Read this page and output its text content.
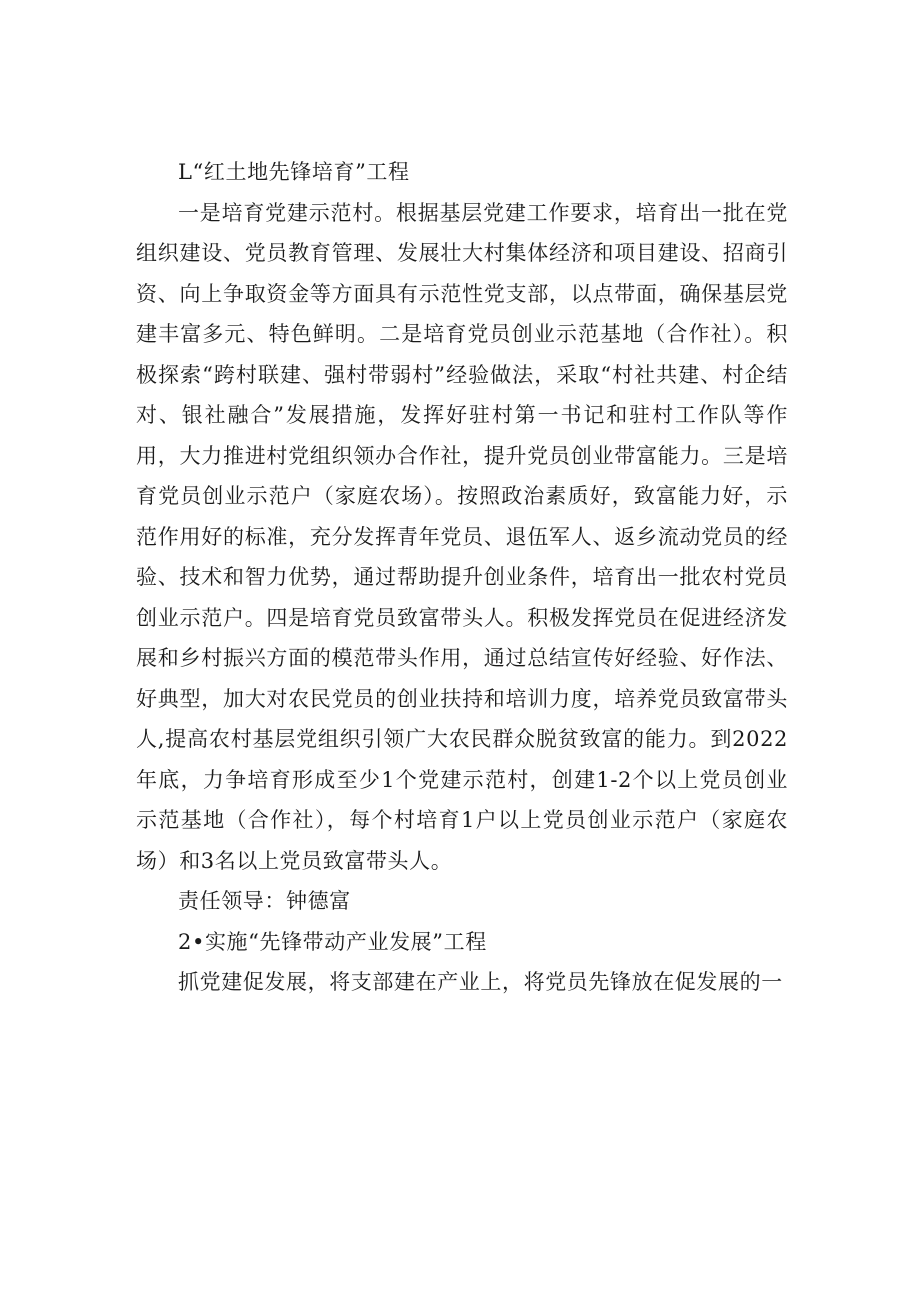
L“红土地先锋培育”工程

一是培育党建示范村。根据基层党建工作要求，培育出一批在党组织建设、党员教育管理、发展壮大村集体经济和项目建设、招商引资、向上争取资金等方面具有示范性党支部，以点带面，确保基层党建丰富多元、特色鲜明。二是培育党员创业示范基地（合作社）。积极探索“跨村联建、强村带弱村”经验做法，采取“村社共建、村企结对、银社融合”发展措施，发挥好驻村第一书记和驻村工作队等作用，大力推进村党组织领办合作社，提升党员创业带富能力。三是培育党员创业示范户（家庭农场）。按照政治素质好，致富能力好，示范作用好的标准，充分发挥青年党员、退伍军人、返乡流动党员的经验、技术和智力优势，通过帮助提升创业条件，培育出一批农村党员创业示范户。四是培育党员致富带头人。积极发挥党员在促进经济发展和乡村振兴方面的模范带头作用，通过总结宣传好经验、好作法、好典型，加大对农民党员的创业扶持和培训力度，培养党员致富带头人,提高农村基层党组织引领广大农民群众脱贫致富的能力。到2022年底，力争培育形成至少1个党建示范村，创建1-2个以上党员创业示范基地（合作社），每个村培育1户以上党员创业示范户（家庭农场）和3名以上党员致富带头人。

责任领导：钟德富

2•实施“先锋带动产业发展”工程

抓党建促发展，将支部建在产业上，将党员先锋放在促发展的一
